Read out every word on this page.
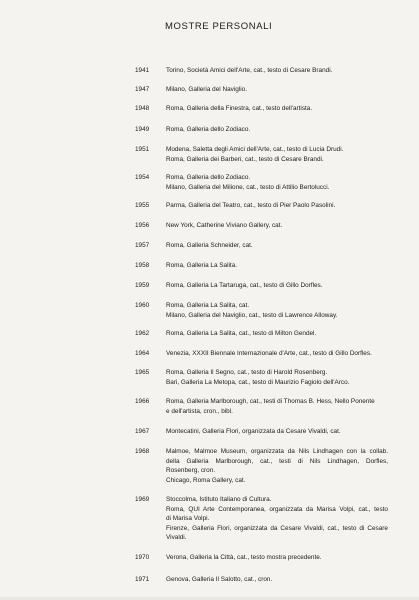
MOSTRE PERSONALI
1941	Torino, Società Amici dell'Arte, cat., testo di Cesare Brandi.
1947	Milano, Galleria del Naviglio.
1948	Roma, Galleria della Finestra, cat., testo dell'artista.
1949	Roma, Galleria dello Zodiaco.
1951	Modena, Saletta degli Amici dell'Arte, cat., testo di Lucia Drudi.
Roma, Galleria dei Barberi, cat., testo di Cesare Brandi.
1954	Roma, Galleria dello Zodiaco.
Milano, Galleria del Milione, cat., testo di Attilio Bertolucci.
1955	Parma, Galleria del Teatro, cat., testo di Pier Paolo Pasolini.
1956	New York, Catherine Viviano Gallery, cat.
1957	Roma, Galleria Schneider, cat.
1958	Roma, Galleria La Salita.
1959	Roma, Galleria La Tartaruga, cat., testo di Gillo Dorfles.
1960	Roma, Galleria La Salita, cat.
Milano, Galleria del Naviglio, cat., testo di Lawrence Alloway.
1962	Roma, Galleria La Salita, cat., testo di Milton Gendel.
1964	Venezia, XXXII Biennale Internazionale d'Arte, cat., testo di Gillo Dorfles.
1965	Roma, Galleria Il Segno, cat., testo di Harold Rosenberg.
Bari, Galleria La Metopa, cat., testo di Maurizio Fagiolo dell'Arco.
1966	Roma, Galleria Marlborough, cat., testi di Thomas B. Hess, Nello Ponente
e dell'artista, cron., bibl.
1967	Montecatini, Galleria Flori, organizzata da Cesare Vivaldi, cat.
1968	Malmoe, Malmoe Museum, organizzata da Nils Lindhagen con la collab.
della Galleria Marlborough, cat., testi di Nils Lindhagen, Dorfles,
Rosenberg, cron.
Chicago, Roma Gallery, cat.
1969	Stoccolma, Istituto Italiano di Cultura.
Roma, QUI Arte Contemporanea, organizzata da Marisa Volpi, cat., testo
di Marisa Volpi.
Firenze, Galleria Flori, organizzata da Cesare Vivaldi, cat., testo di Cesare
Vivaldi.
1970	Verona, Galleria la Città, cat., testo mostra precedente.
1971	Genova, Galleria Il Salotto, cat., cron.
